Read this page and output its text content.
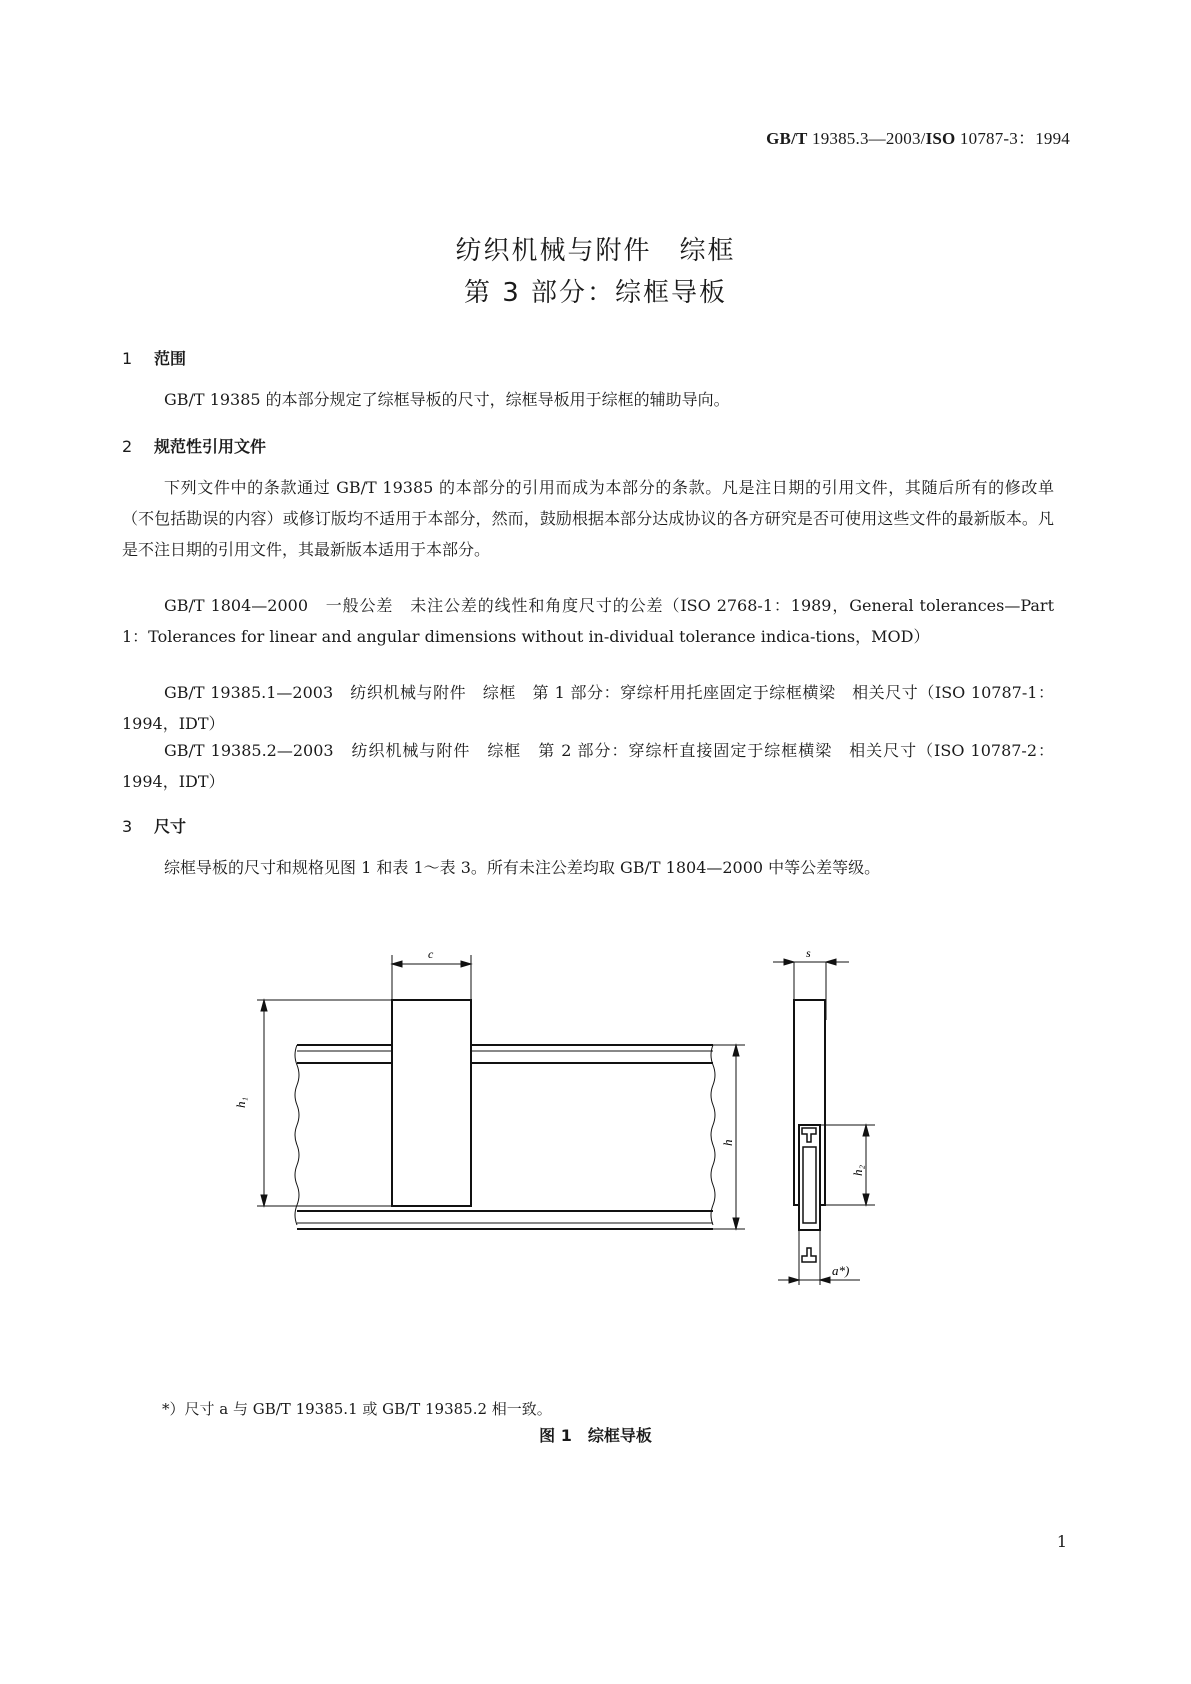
GB/T 19385.3—2003/ISO 10787-3：1994
纺织机械与附件　综框
第 3 部分：综框导板
1 范围
GB/T 19385 的本部分规定了综框导板的尺寸，综框导板用于综框的辅助导向。
2 规范性引用文件
下列文件中的条款通过 GB/T 19385 的本部分的引用而成为本部分的条款。凡是注日期的引用文件，其随后所有的修改单（不包括勘误的内容）或修订版均不适用于本部分，然而，鼓励根据本部分达成协议的各方研究是否可使用这些文件的最新版本。凡是不注日期的引用文件，其最新版本适用于本部分。
GB/T 1804—2000　一般公差　未注公差的线性和角度尺寸的公差（ISO 2768-1：1989，General tolerances—Part 1：Tolerances for linear and angular dimensions without in-dividual tolerance indica-tions，MOD）
GB/T 19385.1—2003　纺织机械与附件　综框　第 1 部分：穿综杆用托座固定于综框横梁　相关尺寸（ISO 10787-1：1994，IDT）
GB/T 19385.2—2003　纺织机械与附件　综框　第 2 部分：穿综杆直接固定于综框横梁　相关尺寸（ISO 10787-2：1994，IDT）
3 尺寸
综框导板的尺寸和规格见图 1 和表 1～表 3。所有未注公差均取 GB/T 1804—2000 中等公差等级。
c
h₁
h
s
h₂
a*)
*）尺寸 a 与 GB/T 19385.1 或 GB/T 19385.2 相一致。
图 1　综框导板
1
